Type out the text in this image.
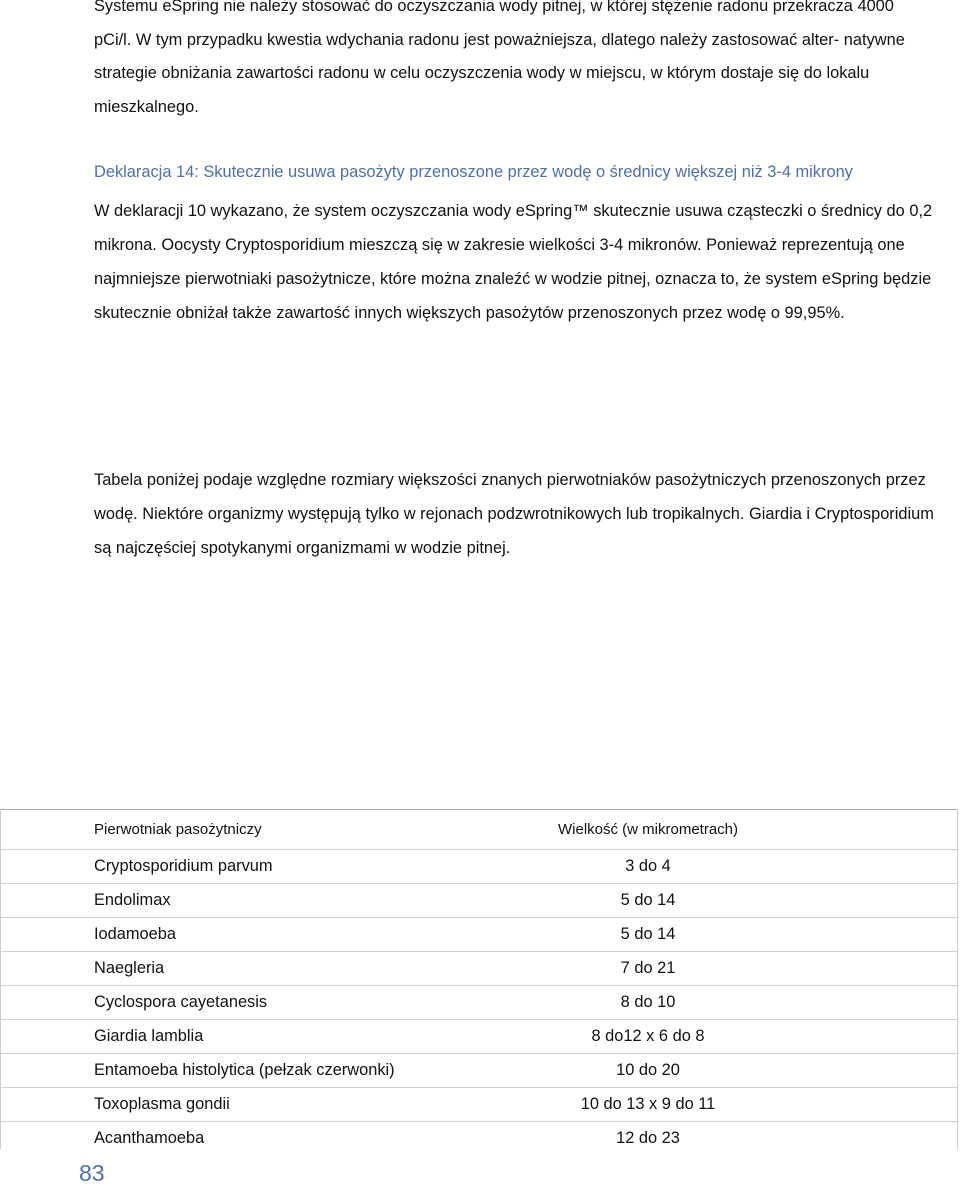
Systemu eSpring nie należy stosować do oczyszczania wody pitnej, w której stężenie radonu przekracza 4000 pCi/l. W tym przypadku kwestia wdychania radonu jest poważniejsza, dlatego należy zastosować alter- natywne strategie obniżania zawartości radonu w celu oczyszczenia wody w miejscu, w którym dostaje się do lokalu mieszkalnego.

Deklaracja 14: Skutecznie usuwa pasożyty przenoszone przez wodę o średnicy większej niż 3-4 mikrony

W deklaracji 10 wykazano, że system oczyszczania wody eSpring™ skutecznie usuwa cząsteczki o średnicy do 0,2 mikrona. Oocysty Cryptosporidium mieszczą się w zakresie wielkości 3-4 mikronów. Ponieważ reprezentują one najmniejsze pierwotniaki pasożytnicze, które można znaleźć w wodzie pitnej, oznacza to, że system eSpring będzie skutecznie obniżał także zawartość innych większych pasożytów przenoszonych przez wodę o 99,95%.

Tabela poniżej podaje względne rozmiary większości znanych pierwotniaków pasożytniczych przenoszonych przez wodę. Niektóre organizmy występują tylko w rejonach podzwrotnikowych lub tropikalnych. Giardia i Cryptosporidium są najczęściej spotykanymi organizmami w wodzie pitnej.

	Pierwotniak pasożytniczy	Wielkość (w mikrometrach)	
	Cryptosporidium parvum	3 do 4	
	Endolimax	5 do 14	
	Iodamoeba	5 do 14	
	Naegleria	7 do 21	
	Cyclospora cayetanesis	8 do 10	
	Giardia lamblia	8 do12 x 6 do 8	
	Entamoeba histolytica (pełzak czerwonki)	10 do 20	
	Toxoplasma gondii	10 do 13 x 9 do 11	
	Acanthamoeba	12 do 23	

83
